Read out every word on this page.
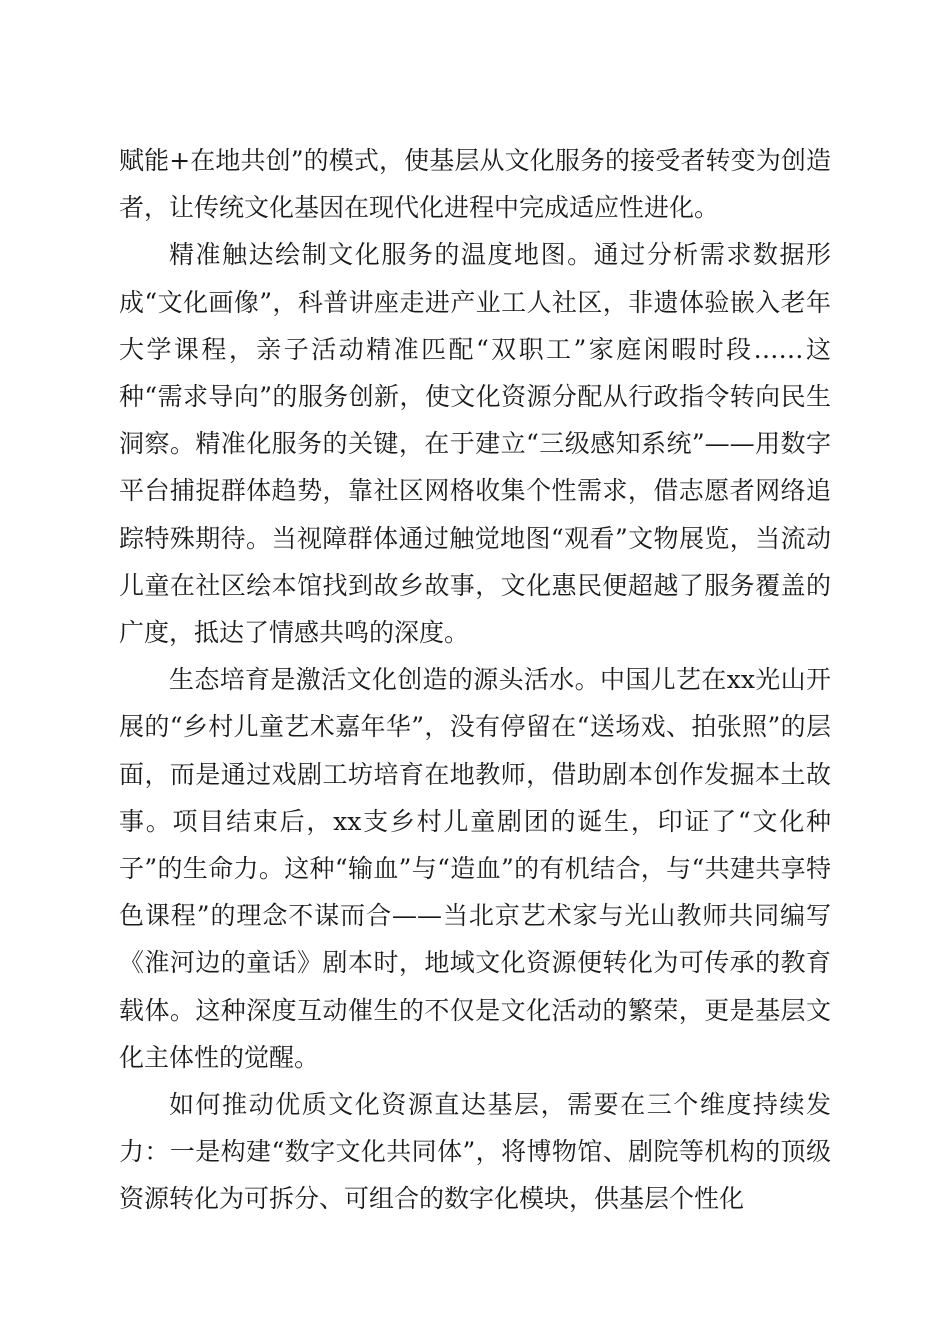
赋能+在地共创”的模式，使基层从文化服务的接受者转变为创造者，让传统文化基因在现代化进程中完成适应性进化。

精准触达绘制文化服务的温度地图。通过分析需求数据形成“文化画像”，科普讲座走进产业工人社区，非遗体验嵌入老年大学课程，亲子活动精准匹配“双职工”家庭闲暇时段……这种“需求导向”的服务创新，使文化资源分配从行政指令转向民生洞察。精准化服务的关键，在于建立“三级感知系统”——用数字平台捕捉群体趋势，靠社区网格收集个性需求，借志愿者网络追踪特殊期待。当视障群体通过触觉地图“观看”文物展览，当流动儿童在社区绘本馆找到故乡故事，文化惠民便超越了服务覆盖的广度，抵达了情感共鸣的深度。

生态培育是激活文化创造的源头活水。中国儿艺在xx光山开展的“乡村儿童艺术嘉年华”，没有停留在“送场戏、拍张照”的层面，而是通过戏剧工坊培育在地教师，借助剧本创作发掘本土故事。项目结束后，xx支乡村儿童剧团的诞生，印证了“文化种子”的生命力。这种“输血”与“造血”的有机结合，与“共建共享特色课程”的理念不谋而合——当北京艺术家与光山教师共同编写《淮河边的童话》剧本时，地域文化资源便转化为可传承的教育载体。这种深度互动催生的不仅是文化活动的繁荣，更是基层文化主体性的觉醒。

如何推动优质文化资源直达基层，需要在三个维度持续发力：一是构建“数字文化共同体”，将博物馆、剧院等机构的顶级资源转化为可拆分、可组合的数字化模块，供基层个性化
